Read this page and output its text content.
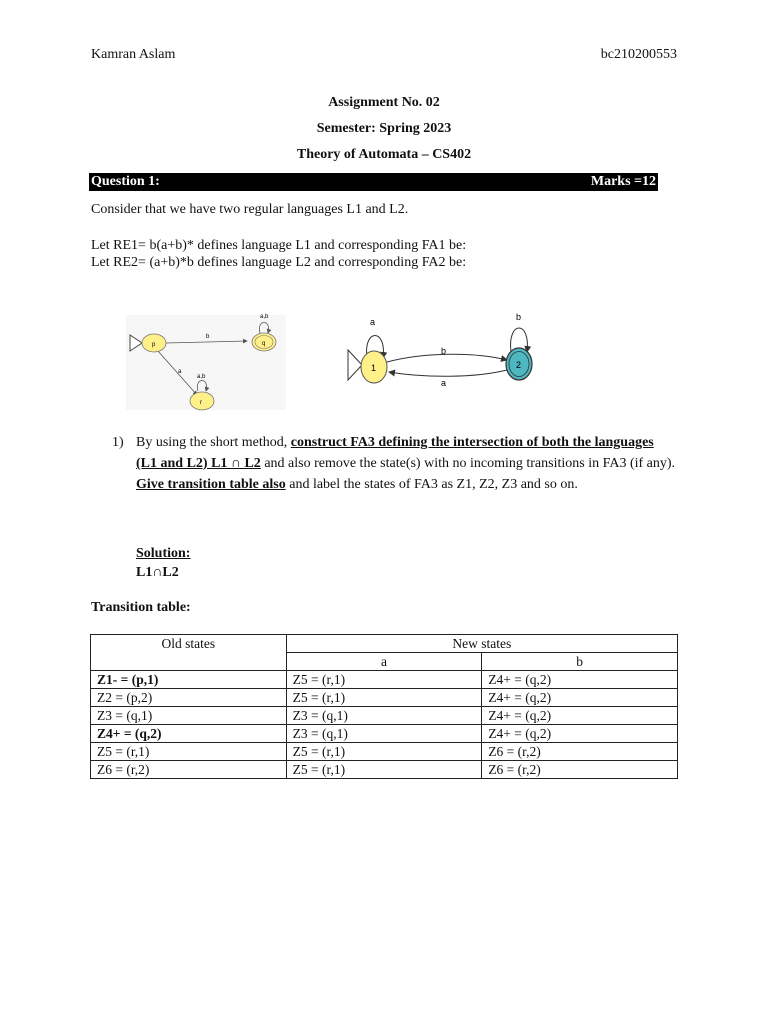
Kamran Aslam	bc210200553
Assignment No. 02
Semester: Spring 2023
Theory of Automata – CS402
Question 1:	Marks =12
Consider that we have two regular languages L1 and L2.
Let RE1= b(a+b)* defines language L1 and corresponding FA1 be:
Let RE2= (a+b)*b defines language L2 and corresponding FA2 be:
b
a
a,b
a,b
p	q
r
a	b
b
a
1	2
1) By using the short method, construct FA3 defining the intersection of both the languages (L1 and L2) L1 ∩ L2 and also remove the state(s) with no incoming transitions in FA3 (if any). Give transition table also and label the states of FA3 as Z1, Z2, Z3 and so on.
Solution:
L1∩L2
Transition table:
Old states	New states	
	a	b
Z1- = (p,1)	Z5 = (r,1)	Z4+ = (q,2)
Z2 = (p,2)	Z5 = (r,1)	Z4+ = (q,2)
Z3 = (q,1)	Z3 = (q,1)	Z4+ = (q,2)
Z4+ = (q,2)	Z3 = (q,1)	Z4+ = (q,2)
Z5 = (r,1)	Z5 = (r,1)	Z6 = (r,2)
Z6 = (r,2)	Z5 = (r,1)	Z6 = (r,2)
